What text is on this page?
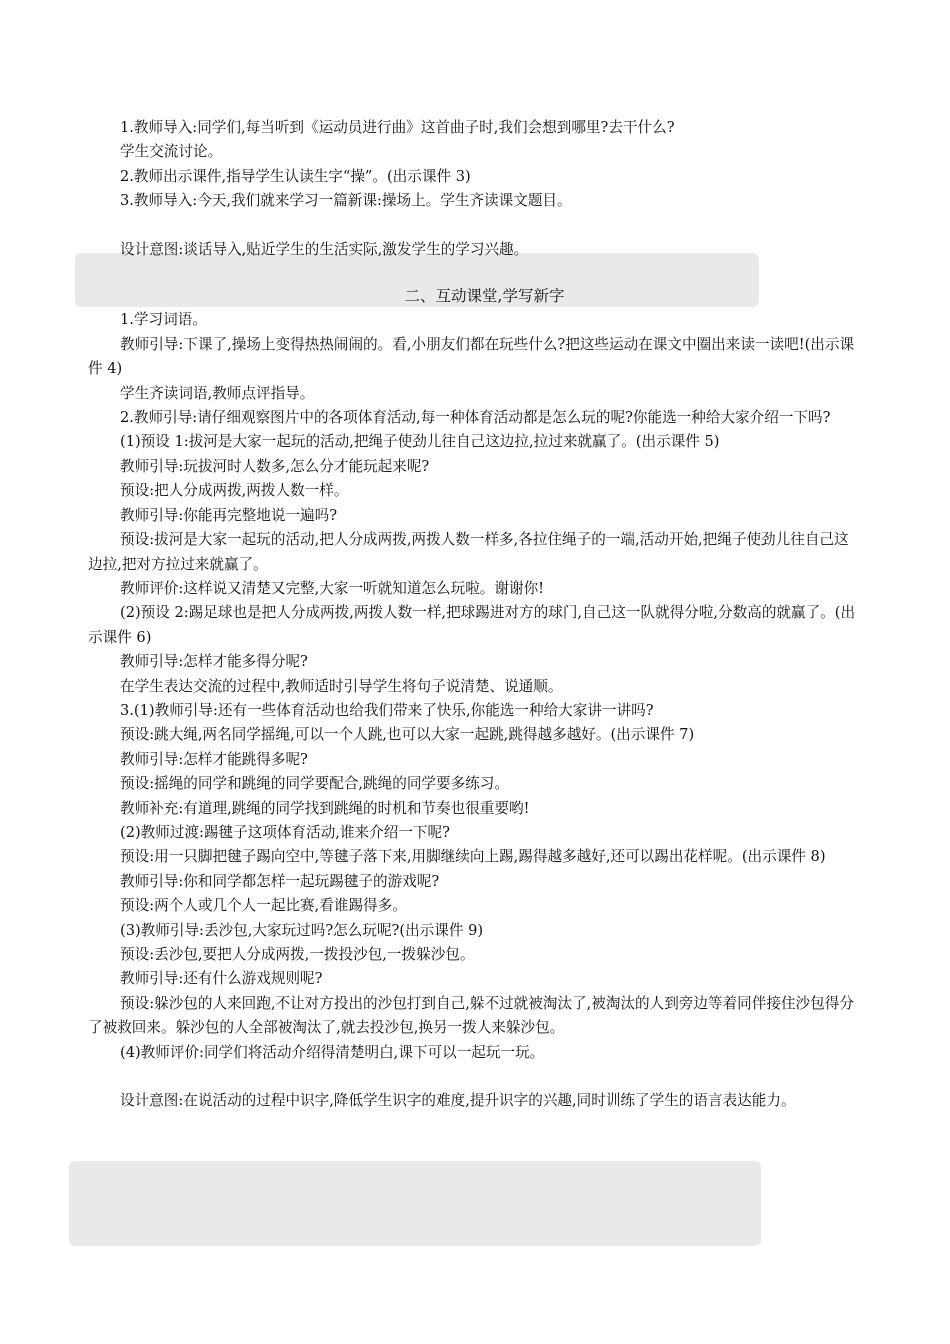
1.教师导入:同学们,每当听到《运动员进行曲》这首曲子时,我们会想到哪里?去干什么?

学生交流讨论。

2.教师出示课件,指导学生认读生字“操”。(出示课件 3)

3.教师导入:今天,我们就来学习一篇新课:操场上。学生齐读课文题目。

设计意图:谈话导入,贴近学生的生活实际,激发学生的学习兴趣。

二、互动课堂,学写新字

1.学习词语。

教师引导:下课了,操场上变得热热闹闹的。看,小朋友们都在玩些什么?把这些运动在课文中圈出来读一读吧!(出示课件 4)

学生齐读词语,教师点评指导。

2.教师引导:请仔细观察图片中的各项体育活动,每一种体育活动都是怎么玩的呢?你能选一种给大家介绍一下吗?

(1)预设 1:拔河是大家一起玩的活动,把绳子使劲儿往自己这边拉,拉过来就赢了。(出示课件 5)

教师引导:玩拔河时人数多,怎么分才能玩起来呢?

预设:把人分成两拨,两拨人数一样。

教师引导:你能再完整地说一遍吗?

预设:拔河是大家一起玩的活动,把人分成两拨,两拨人数一样多,各拉住绳子的一端,活动开始,把绳子使劲儿往自己这边拉,把对方拉过来就赢了。

教师评价:这样说又清楚又完整,大家一听就知道怎么玩啦。谢谢你!

(2)预设 2:踢足球也是把人分成两拨,两拨人数一样,把球踢进对方的球门,自己这一队就得分啦,分数高的就赢了。(出示课件 6)

教师引导:怎样才能多得分呢?

在学生表达交流的过程中,教师适时引导学生将句子说清楚、说通顺。

3.(1)教师引导:还有一些体育活动也给我们带来了快乐,你能选一种给大家讲一讲吗?

预设:跳大绳,两名同学摇绳,可以一个人跳,也可以大家一起跳,跳得越多越好。(出示课件 7)

教师引导:怎样才能跳得多呢?

预设:摇绳的同学和跳绳的同学要配合,跳绳的同学要多练习。

教师补充:有道理,跳绳的同学找到跳绳的时机和节奏也很重要哟!

(2)教师过渡:踢毽子这项体育活动,谁来介绍一下呢?

预设:用一只脚把毽子踢向空中,等毽子落下来,用脚继续向上踢,踢得越多越好,还可以踢出花样呢。(出示课件 8)

教师引导:你和同学都怎样一起玩踢毽子的游戏呢?

预设:两个人或几个人一起比赛,看谁踢得多。

(3)教师引导:丢沙包,大家玩过吗?怎么玩呢?(出示课件 9)

预设:丢沙包,要把人分成两拨,一拨投沙包,一拨躲沙包。

教师引导:还有什么游戏规则呢?

预设:躲沙包的人来回跑,不让对方投出的沙包打到自己,躲不过就被淘汰了,被淘汰的人到旁边等着同伴接住沙包得分了被救回来。躲沙包的人全部被淘汰了,就去投沙包,换另一拨人来躲沙包。

(4)教师评价:同学们将活动介绍得清楚明白,课下可以一起玩一玩。

设计意图:在说活动的过程中识字,降低学生识字的难度,提升识字的兴趣,同时训练了学生的语言表达能力。
